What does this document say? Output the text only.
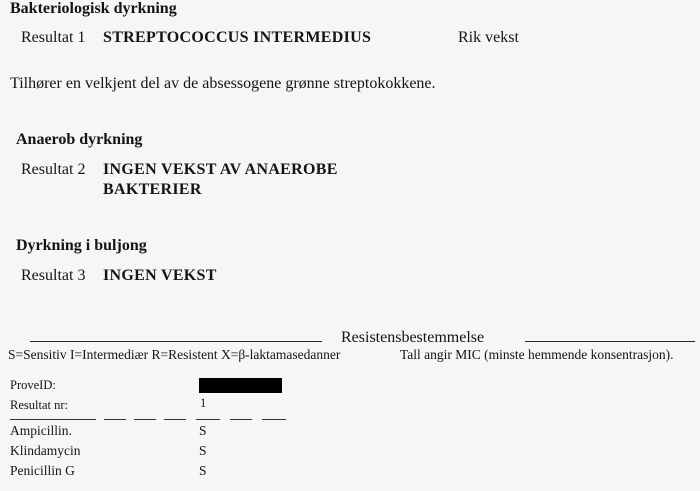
Bakteriologisk dyrkning
Resultat 1 STREPTOCOCCUS INTERMEDIUS	Rik vekst
Tilhører en velkjent del av de absessogene grønne streptokokkene.
Anaerob dyrkning
Resultat 2 INGEN VEKST AV ANAEROBE
BAKTERIER
Dyrkning i buljong
Resultat 3 INGEN VEKST
Resistensbestemmelse
S=Sensitiv I=Intermediær R=Resistent X=β-laktamasedanner	Tall angir MIC (minste hemmende konsentrasjon).
ProveID:
Resultat nr:	1
Ampicillin.	S
Klindamycin	S
Penicillin G	S
